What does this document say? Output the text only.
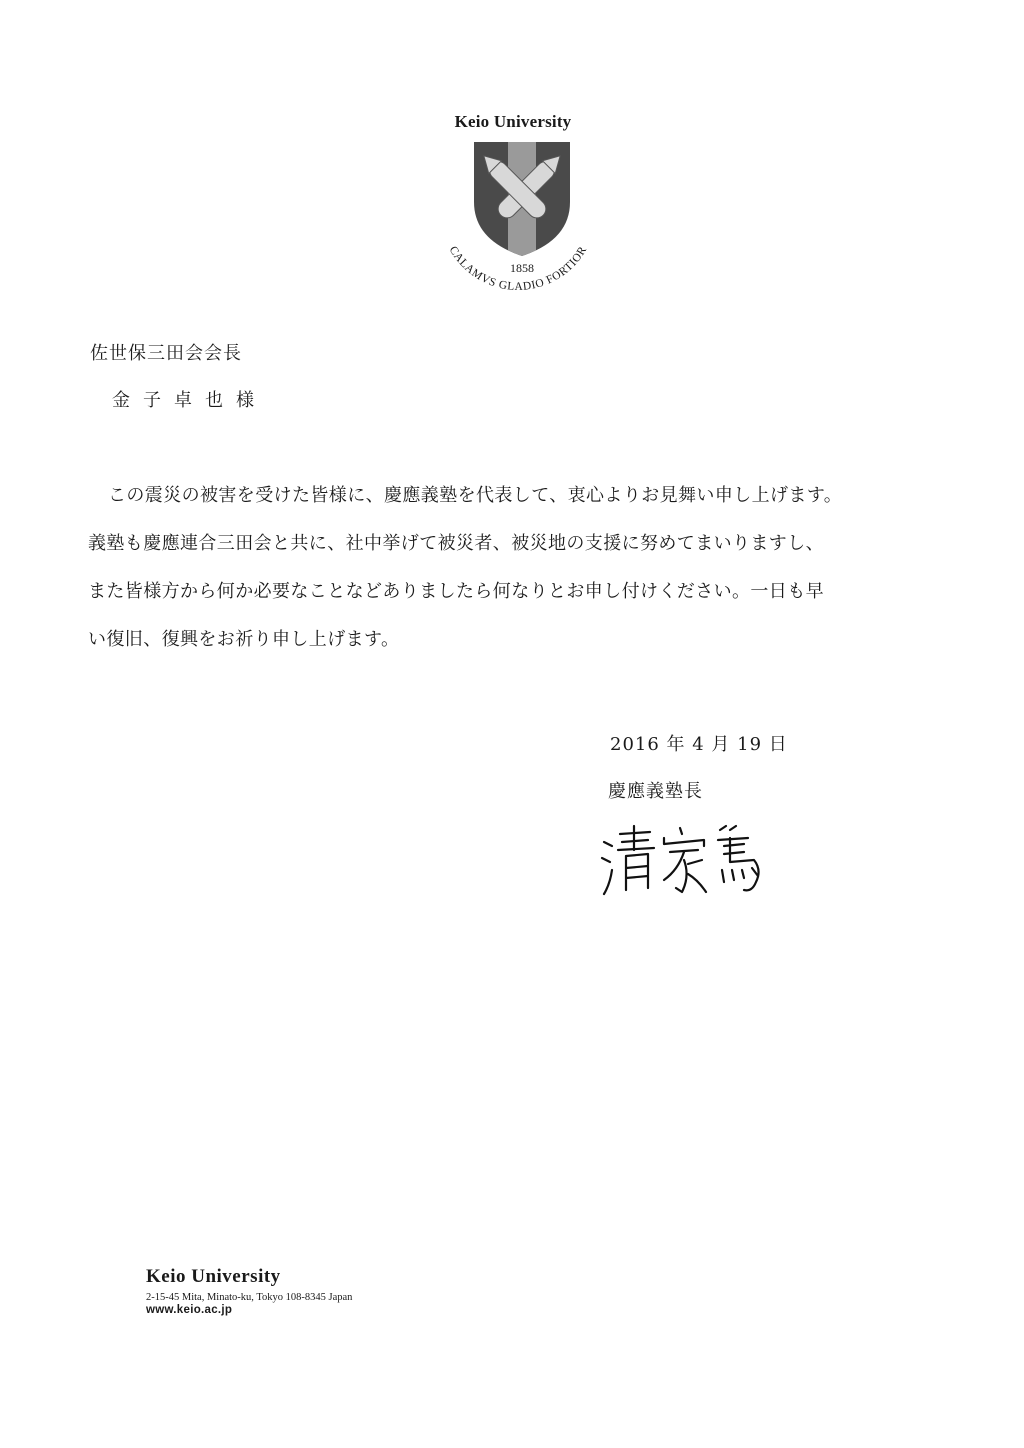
Keio University
1858
CALAMVS GLADIO FORTIOR
佐世保三田会会長
金子卓也様
この震災の被害を受けた皆様に、慶應義塾を代表して、衷心よりお見舞い申し上げます。
義塾も慶應連合三田会と共に、社中挙げて被災者、被災地の支援に努めてまいりますし、
また皆様方から何か必要なことなどありましたら何なりとお申し付けください。一日も早
い復旧、復興をお祈り申し上げます。
2016 年 4 月 19 日
慶應義塾長
Keio University
2-15-45 Mita, Minato-ku, Tokyo 108-8345 Japan
www.keio.ac.jp
